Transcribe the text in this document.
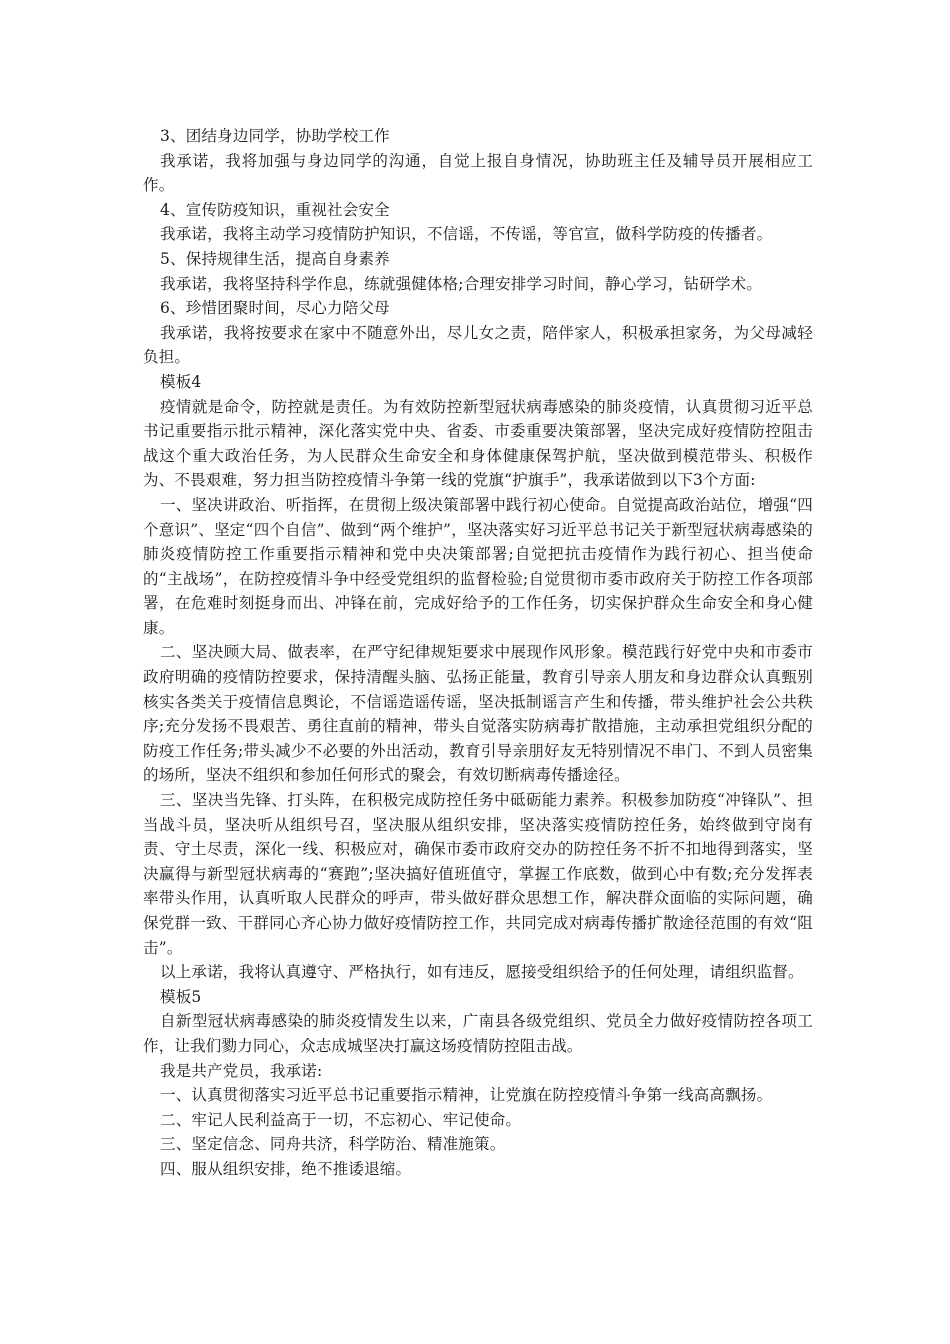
3、团结身边同学，协助学校工作

我承诺，我将加强与身边同学的沟通，自觉上报自身情况，协助班主任及辅导员开展相应工作。

4、宣传防疫知识，重视社会安全

我承诺，我将主动学习疫情防护知识，不信谣，不传谣，等官宣，做科学防疫的传播者。

5、保持规律生活，提高自身素养

我承诺，我将坚持科学作息，练就强健体格;合理安排学习时间，静心学习，钻研学术。

6、珍惜团聚时间，尽心力陪父母

我承诺，我将按要求在家中不随意外出，尽儿女之责，陪伴家人，积极承担家务，为父母减轻负担。

模板4

疫情就是命令，防控就是责任。为有效防控新型冠状病毒感染的肺炎疫情，认真贯彻习近平总书记重要指示批示精神，深化落实党中央、省委、市委重要决策部署，坚决完成好疫情防控阻击战这个重大政治任务，为人民群众生命安全和身体健康保驾护航，坚决做到模范带头、积极作为、不畏艰难，努力担当防控疫情斗争第一线的党旗“护旗手”，我承诺做到以下3个方面:

一、坚决讲政治、听指挥，在贯彻上级决策部署中践行初心使命。自觉提高政治站位，增强“四个意识”、坚定“四个自信”、做到“两个维护”，坚决落实好习近平总书记关于新型冠状病毒感染的肺炎疫情防控工作重要指示精神和党中央决策部署;自觉把抗击疫情作为践行初心、担当使命的“主战场”，在防控疫情斗争中经受党组织的监督检验;自觉贯彻市委市政府关于防控工作各项部署，在危难时刻挺身而出、冲锋在前，完成好给予的工作任务，切实保护群众生命安全和身心健康。

二、坚决顾大局、做表率，在严守纪律规矩要求中展现作风形象。模范践行好党中央和市委市政府明确的疫情防控要求，保持清醒头脑、弘扬正能量，教育引导亲人朋友和身边群众认真甄别核实各类关于疫情信息舆论，不信谣造谣传谣，坚决抵制谣言产生和传播，带头维护社会公共秩序;充分发扬不畏艰苦、勇往直前的精神，带头自觉落实防病毒扩散措施，主动承担党组织分配的防疫工作任务;带头减少不必要的外出活动，教育引导亲朋好友无特别情况不串门、不到人员密集的场所，坚决不组织和参加任何形式的聚会，有效切断病毒传播途径。

三、坚决当先锋、打头阵，在积极完成防控任务中砥砺能力素养。积极参加防疫“冲锋队”、担当战斗员，坚决听从组织号召，坚决服从组织安排，坚决落实疫情防控任务，始终做到守岗有责、守土尽责，深化一线、积极应对，确保市委市政府交办的防控任务不折不扣地得到落实，坚决赢得与新型冠状病毒的“赛跑”;坚决搞好值班值守，掌握工作底数，做到心中有数;充分发挥表率带头作用，认真听取人民群众的呼声，带头做好群众思想工作，解决群众面临的实际问题，确保党群一致、干群同心齐心协力做好疫情防控工作，共同完成对病毒传播扩散途径范围的有效“阻击”。

以上承诺，我将认真遵守、严格执行，如有违反，愿接受组织给予的任何处理，请组织监督。

模板5

自新型冠状病毒感染的肺炎疫情发生以来，广南县各级党组织、党员全力做好疫情防控各项工作，让我们勠力同心，众志成城坚决打赢这场疫情防控阻击战。

我是共产党员，我承诺:

一、认真贯彻落实习近平总书记重要指示精神，让党旗在防控疫情斗争第一线高高飘扬。

二、牢记人民利益高于一切，不忘初心、牢记使命。

三、坚定信念、同舟共济，科学防治、精准施策。

四、服从组织安排，绝不推诿退缩。
